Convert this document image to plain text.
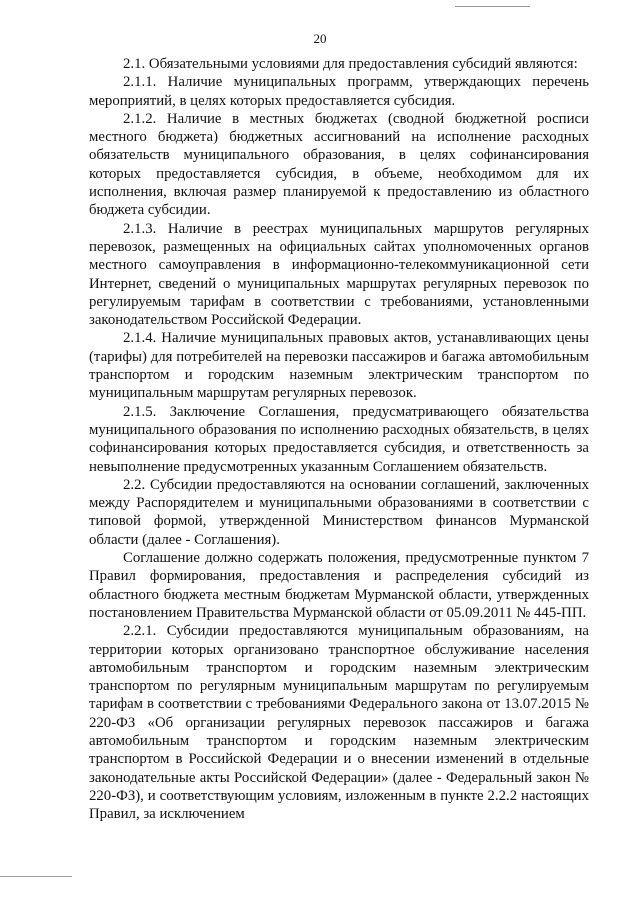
20

2.1. Обязательными условиями для предоставления субсидий являются:

2.1.1. Наличие муниципальных программ, утверждающих перечень мероприятий, в целях которых предоставляется субсидия.

2.1.2. Наличие в местных бюджетах (сводной бюджетной росписи местного бюджета) бюджетных ассигнований на исполнение расходных обязательств муниципального образования, в целях софинансирования которых предоставляется субсидия, в объеме, необходимом для их исполнения, включая размер планируемой к предоставлению из областного бюджета субсидии.

2.1.3. Наличие в реестрах муниципальных маршрутов регулярных перевозок, размещенных на официальных сайтах уполномоченных органов местного самоуправления в информационно-телекоммуникационной сети Интернет, сведений о муниципальных маршрутах регулярных перевозок по регулируемым тарифам в соответствии с требованиями, установленными законодательством Российской Федерации.

2.1.4. Наличие муниципальных правовых актов, устанавливающих цены (тарифы) для потребителей на перевозки пассажиров и багажа автомобильным транспортом и городским наземным электрическим транспортом по муниципальным маршрутам регулярных перевозок.

2.1.5. Заключение Соглашения, предусматривающего обязательства муниципального образования по исполнению расходных обязательств, в целях софинансирования которых предоставляется субсидия, и ответственность за невыполнение предусмотренных указанным Соглашением обязательств.

2.2. Субсидии предоставляются на основании соглашений, заключенных между Распорядителем и муниципальными образованиями в соответствии с типовой формой, утвержденной Министерством финансов Мурманской области (далее - Соглашения).

Соглашение должно содержать положения, предусмотренные пунктом 7 Правил формирования, предоставления и распределения субсидий из областного бюджета местным бюджетам Мурманской области, утвержденных постановлением Правительства Мурманской области от 05.09.2011 № 445-ПП.

2.2.1. Субсидии предоставляются муниципальным образованиям, на территории которых организовано транспортное обслуживание населения автомобильным транспортом и городским наземным электрическим транспортом по регулярным муниципальным маршрутам по регулируемым тарифам в соответствии с требованиями Федерального закона от 13.07.2015 № 220-ФЗ «Об организации регулярных перевозок пассажиров и багажа автомобильным транспортом и городским наземным электрическим транспортом в Российской Федерации и о внесении изменений в отдельные законодательные акты Российской Федерации» (далее - Федеральный закон № 220-ФЗ), и соответствующим условиям, изложенным в пункте 2.2.2 настоящих Правил, за исключением
